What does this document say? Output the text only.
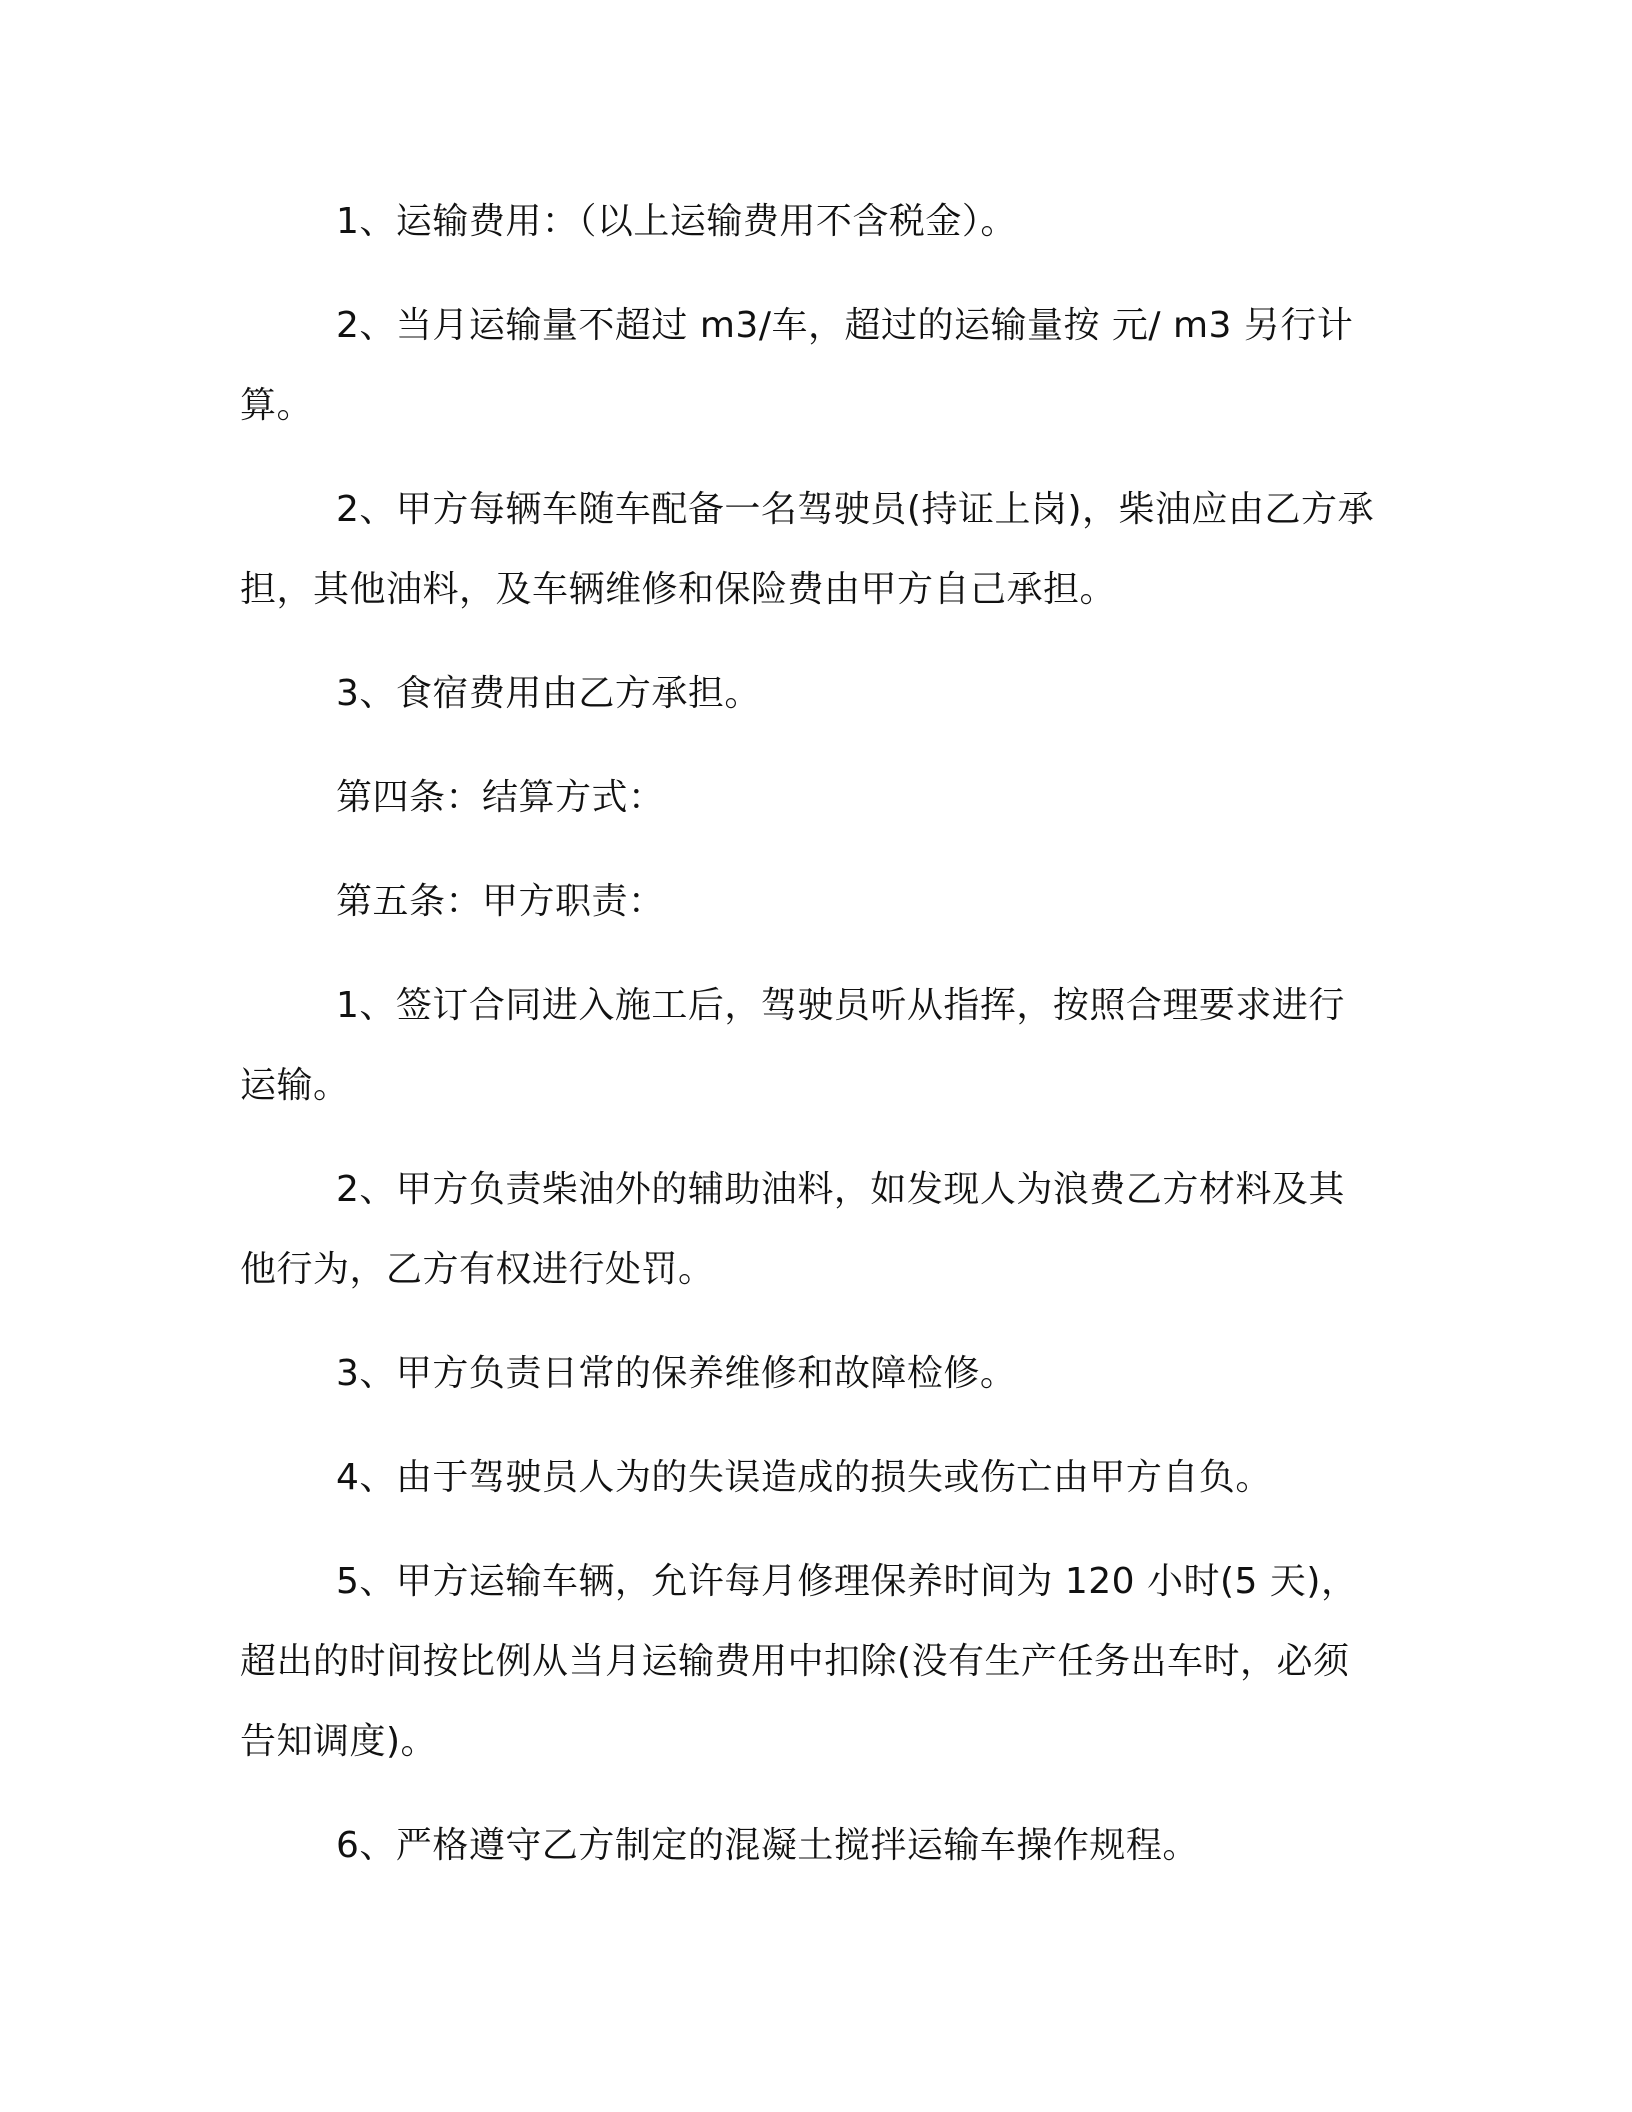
1、运输费用：（以上运输费用不含税金）。

2、当月运输量不超过 m3/车，超过的运输量按 元/ m3 另行计算。

2、甲方每辆车随车配备一名驾驶员(持证上岗)，柴油应由乙方承担，其他油料，及车辆维修和保险费由甲方自己承担。

3、食宿费用由乙方承担。

第四条：结算方式：

第五条：甲方职责：

1、签订合同进入施工后，驾驶员听从指挥，按照合理要求进行运输。

2、甲方负责柴油外的辅助油料，如发现人为浪费乙方材料及其他行为，乙方有权进行处罚。

3、甲方负责日常的保养维修和故障检修。

4、由于驾驶员人为的失误造成的损失或伤亡由甲方自负。

5、甲方运输车辆，允许每月修理保养时间为 120 小时(5 天)，超出的时间按比例从当月运输费用中扣除(没有生产任务出车时，必须告知调度)。

6、严格遵守乙方制定的混凝土搅拌运输车操作规程。
